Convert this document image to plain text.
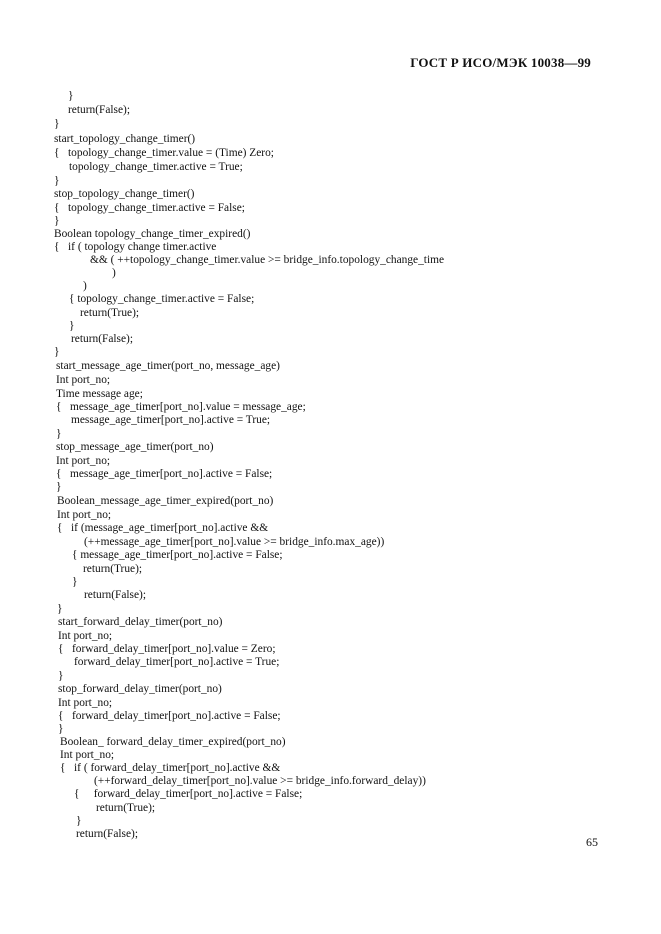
ГОСТ Р ИСО/МЭК 10038—99
}
return(False);
}
start_topology_change_timer()
{   topology_change_timer.value = (Time) Zero;
topology_change_timer.active = True;
}
stop_topology_change_timer()
{   topology_change_timer.active = False;
}
Boolean topology_change_timer_expired()
{   if ( topology change timer.active
&& ( ++topology_change_timer.value >= bridge_info.topology_change_time
)
)
{ topology_change_timer.active = False;
return(True);
}
return(False);
}
start_message_age_timer(port_no, message_age)
Int port_no;
Time message age;
{   message_age_timer[port_no].value = message_age;
message_age_timer[port_no].active = True;
}
stop_message_age_timer(port_no)
Int port_no;
{   message_age_timer[port_no].active = False;
}
Boolean_message_age_timer_expired(port_no)
Int port_no;
{   if (message_age_timer[port_no].active &&
(++message_age_timer[port_no].value >= bridge_info.max_age))
{ message_age_timer[port_no].active = False;
return(True);
}
return(False);
}
start_forward_delay_timer(port_no)
Int port_no;
{   forward_delay_timer[port_no].value = Zero;
forward_delay_timer[port_no].active = True;
}
stop_forward_delay_timer(port_no)
Int port_no;
{   forward_delay_timer[port_no].active = False;
}
Boolean_ forward_delay_timer_expired(port_no)
Int port_no;
{   if ( forward_delay_timer[port_no].active &&
(++forward_delay_timer[port_no].value >= bridge_info.forward_delay))
{     forward_delay_timer[port_no].active = False;
return(True);
}
return(False);
65
